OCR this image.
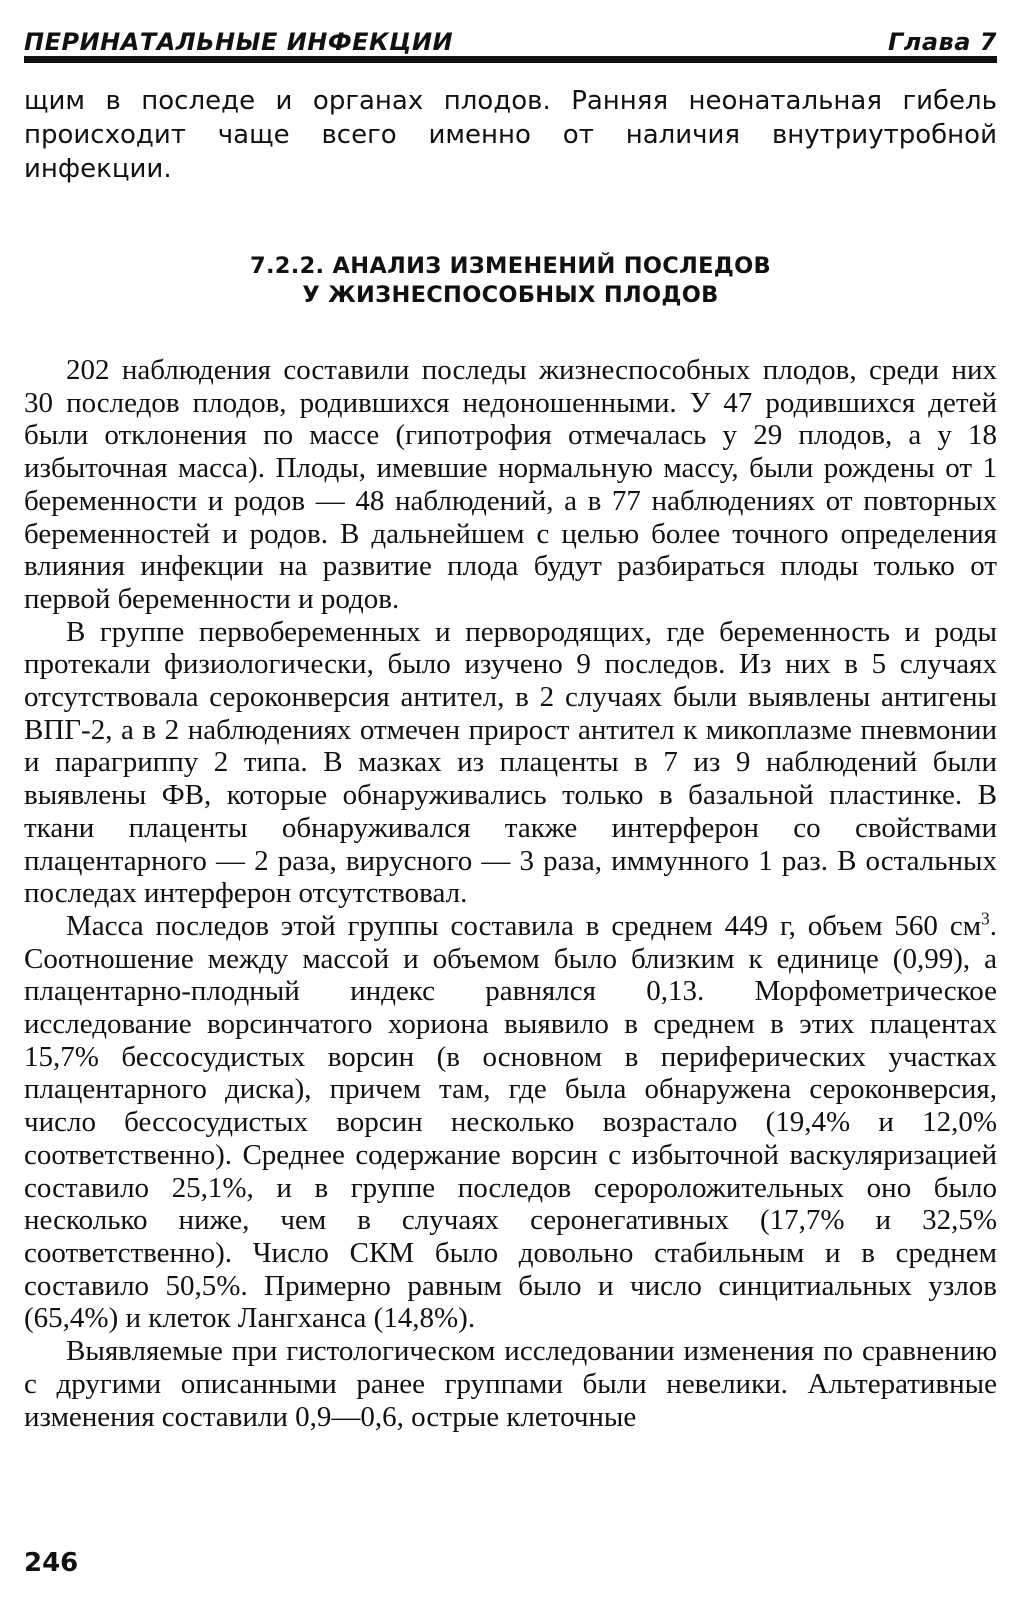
ПЕРИНАТАЛЬНЫЕ ИНФЕКЦИИ	Глава 7

щим в последе и органах плодов. Ранняя неонатальная гибель происходит чаще всего именно от наличия внутриутробной инфекции.

7.2.2. АНАЛИЗ ИЗМЕНЕНИЙ ПОСЛЕДОВ
У ЖИЗНЕСПОСОБНЫХ ПЛОДОВ

202 наблюдения составили последы жизнеспособных плодов, среди них 30 последов плодов, родившихся недоношенными. У 47 родившихся детей были отклонения по массе (гипотрофия отмечалась у 29 плодов, а у 18 избыточная масса). Плоды, имевшие нормальную массу, были рождены от 1 беременности и родов — 48 наблюдений, а в 77 наблюдениях от повторных беременностей и родов. В дальнейшем с целью более точного определения влияния инфекции на развитие плода будут разбираться плоды только от первой беременности и родов.

В группе первобеременных и первородящих, где беременность и роды протекали физиологически, было изучено 9 последов. Из них в 5 случаях отсутствовала сероконверсия антител, в 2 случаях были выявлены антигены ВПГ-2, а в 2 наблюдениях отмечен прирост антител к микоплазме пневмонии и парагриппу 2 типа. В мазках из плаценты в 7 из 9 наблюдений были выявлены ФВ, которые обнаруживались только в базальной пластинке. В ткани плаценты обнаруживался также интерферон со свойствами плацентарного — 2 раза, вирусного — 3 раза, иммунного 1 раз. В остальных последах интерферон отсутствовал.

Масса последов этой группы составила в среднем 449 г, объем 560 $см^3$. Соотношение между массой и объемом было близким к единице (0,99), а плацентарно-плодный индекс равнялся 0,13. Морфометрическое исследование ворсинчатого хориона выявило в среднем в этих плацентах 15,7% бессосудистых ворсин (в основном в периферических участках плацентарного диска), причем там, где была обнаружена сероконверсия, число бессосудистых ворсин несколько возрастало (19,4% и 12,0% соответственно). Среднее содержание ворсин с избыточной васкуляризацией составило 25,1%, и в группе последов серopоложительных оно было несколько ниже, чем в случаях серонегативных (17,7% и 32,5% соответственно). Число СКМ было довольно стабильным и в среднем составило 50,5%. Примерно равным было и число синцитиальных узлов (65,4%) и клеток Лангханса (14,8%).

Выявляемые при гистологическом исследовании изменения по сравнению с другими описанными ранее группами были невелики. Альтеративные изменения составили 0,9—0,6, острые клеточные

246
